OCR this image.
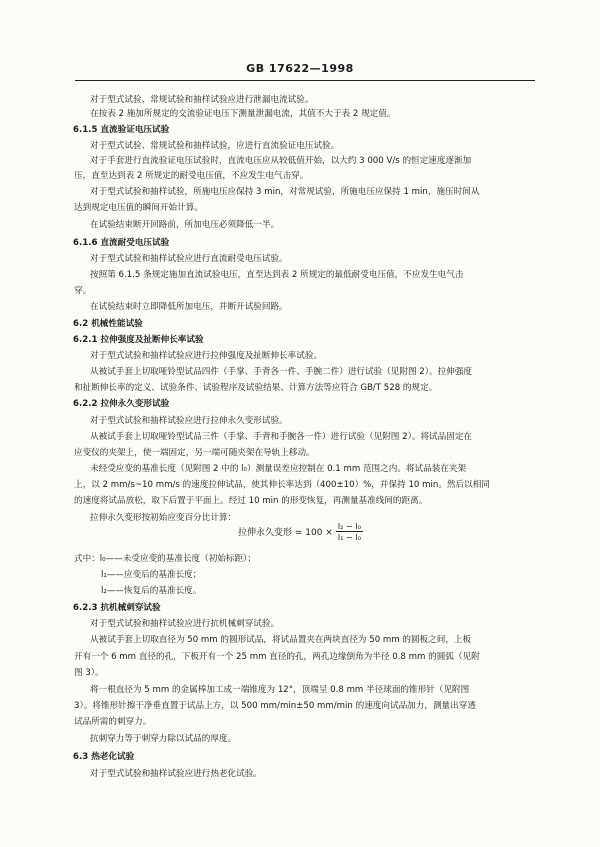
GB 17622—1998
对于型式试验、常规试验和抽样试验应进行泄漏电流试验。
在按表 2 施加所规定的交流验证电压下测量泄漏电流，其值不大于表 2 规定值。
6.1.5 直流验证电压试验
对于型式试验、常规试验和抽样试验，应进行直流验证电压试验。
对于手套进行直流验证电压试验时，直流电压应从较低值开始，以大约 3 000 V/s 的恒定速度逐渐加
压，直至达到表 2 所规定的耐受电压值，不应发生电气击穿。
对于型式试验和抽样试验，所施电压应保持 3 min，对常规试验，所施电压应保持 1 min，施压时间从
达到规定电压值的瞬间开始计算。
在试验结束断开回路前，所加电压必须降低一半。
6.1.6 直流耐受电压试验
对于型式试验和抽样试验应进行直流耐受电压试验。
按照第 6.1.5 条规定施加直流试验电压，直至达到表 2 所规定的最低耐受电压值，不应发生电气击
穿。
在试验结束时立即降低所加电压，并断开试验回路。
6.2 机械性能试验
6.2.1 拉伸强度及扯断伸长率试验
对于型式试验和抽样试验应进行拉伸强度及扯断伸长率试验。
从被试手套上切取哑铃型试品四件（手掌、手背各一件、手腕二件）进行试验（见附图 2）。拉伸强度
和扯断伸长率的定义、试验条件、试验程序及试验结果、计算方法等应符合 GB/T 528 的规定。
6.2.2 拉伸永久变形试验
对于型式试验和抽样试验应进行拉伸永久变形试验。
从被试手套上切取哑铃型试品三件（手掌、手背和手腕各一件）进行试验（见附图 2）。将试品固定在
应变仪的夹架上，使一端固定，另一端可随夹架在导轨上移动。
未经受应变的基准长度（见附图 2 中的 l₀）测量误差应控制在 0.1 mm 范围之内。将试品装在夹架
上，以 2 mm/s~10 mm/s 的速度拉伸试品，使其伸长率达到（400±10）%，并保持 10 min。然后以相同
的速度将试品放松，取下后置于平面上。经过 10 min 的形变恢复，再测量基准线间的距离。
拉伸永久变形按初始应变百分比计算：
式中：l₀——未受应变的基准长度（初始标距）；
l₁——应变后的基准长度；
l₂——恢复后的基准长度。
6.2.3 抗机械刺穿试验
对于型式试验和抽样试验应进行抗机械刺穿试验。
从被试手套上切取直径为 50 mm 的圆形试品，将试品置夹在两块直径为 50 mm 的圆板之间，上板
开有一个 6 mm 直径的孔，下板开有一个 25 mm 直径的孔，两孔边缘倒角为半径 0.8 mm 的圆弧（见附
图 3）。
将一根直径为 5 mm 的金属棒加工成一端锥度为 12°，顶端呈 0.8 mm 半径球面的锥形针（见附图
3）。将锥形针擦干净垂直置于试品上方，以 500 mm/min±50 mm/min 的速度向试品加力，测量出穿透
试品所需的刺穿力。
抗刺穿力等于刺穿力除以试品的厚度。
6.3 热老化试验
对于型式试验和抽样试验应进行热老化试验。
拉伸永久变形 = $100 \times \frac{\text{l₂ − l₀}}{\text{l₁ − l₀}}$
